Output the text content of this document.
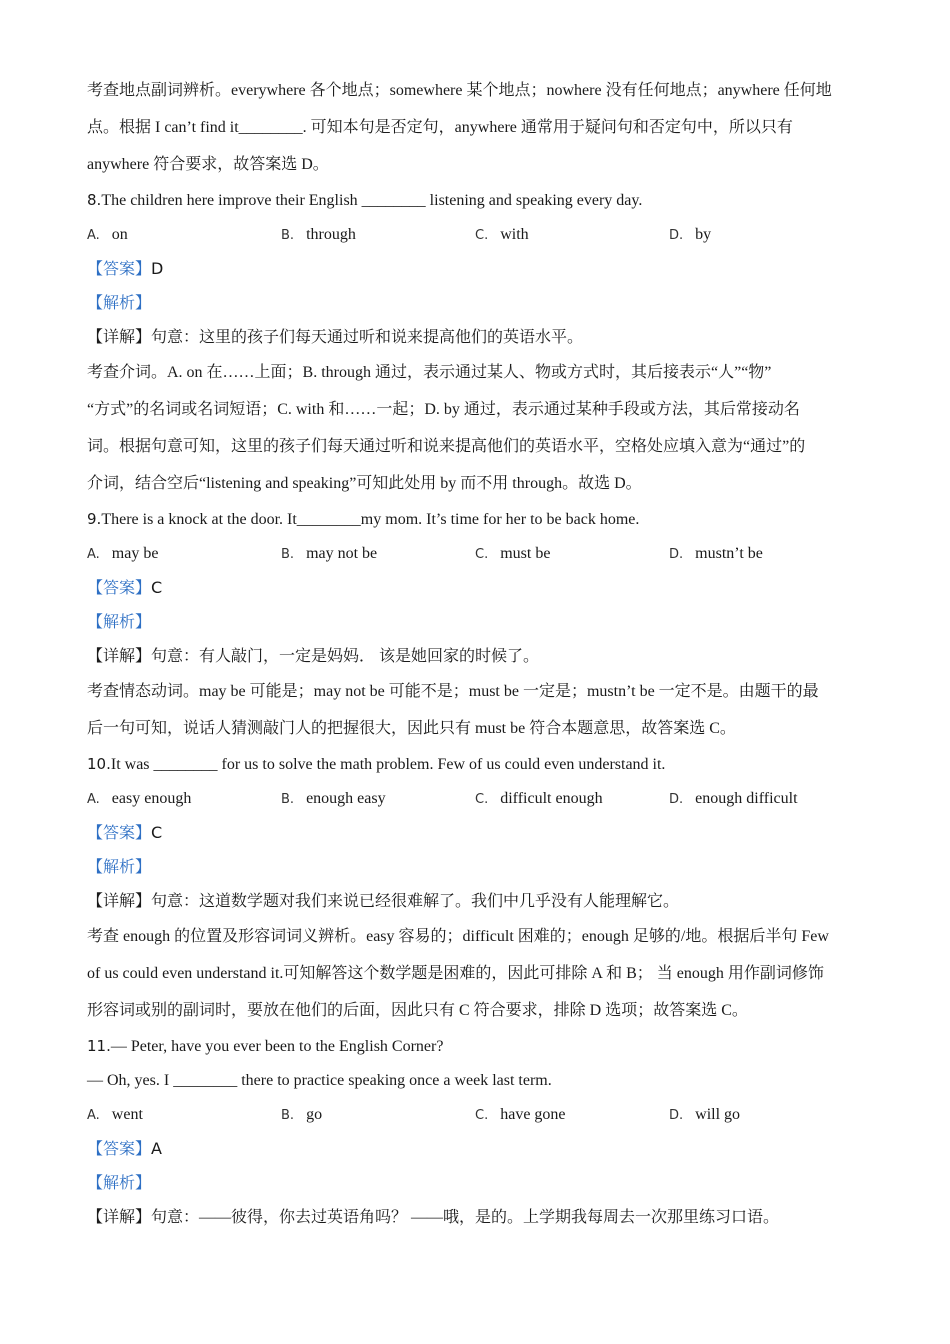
考查地点副词辨析。everywhere 各个地点；somewhere 某个地点；nowhere 没有任何地点；anywhere 任何地

点。根据 I can’t find it________. 可知本句是否定句，anywhere 通常用于疑问句和否定句中，所以只有

anywhere 符合要求，故答案选 D。

8.The children here improve their English ________ listening and speaking every day.

A. on	B. through	C. with	D. by

【答案】D

【解析】

【详解】句意：这里的孩子们每天通过听和说来提高他们的英语水平。

考查介词。A. on 在……上面；B. through 通过，表示通过某人、物或方式时，其后接表示“人”“物”

“方式”的名词或名词短语；C. with 和……一起；D. by 通过，表示通过某种手段或方法，其后常接动名

词。根据句意可知，这里的孩子们每天通过听和说来提高他们的英语水平，空格处应填入意为“通过”的

介词，结合空后“listening and speaking”可知此处用 by 而不用 through。故选 D。

9.There is a knock at the door. It________my mom. It’s time for her to be back home.

A. may be	B. may not be	C. must be	D. mustn’t be

【答案】C

【解析】

【详解】句意：有人敲门，一定是妈妈． 该是她回家的时候了。

考查情态动词。may be 可能是；may not be 可能不是；must be 一定是；mustn’t be 一定不是。由题干的最

后一句可知，说话人猜测敲门人的把握很大，因此只有 must be 符合本题意思，故答案选 C。

10.It was ________ for us to solve the math problem. Few of us could even understand it.

A. easy enough	B. enough easy	C. difficult enough	D. enough difficult

【答案】C

【解析】

【详解】句意：这道数学题对我们来说已经很难解了。我们中几乎没有人能理解它。

考查 enough 的位置及形容词词义辨析。easy 容易的；difficult 困难的；enough 足够的/地。根据后半句 Few

of us could even understand it.可知解答这个数学题是困难的，因此可排除 A 和 B； 当 enough 用作副词修饰

形容词或别的副词时，要放在他们的后面，因此只有 C 符合要求，排除 D 选项；故答案选 C。

11.— Peter, have you ever been to the English Corner?

— Oh, yes. I ________ there to practice speaking once a week last term.

A. went	B. go	C. have gone	D. will go

【答案】A

【解析】

【详解】句意：——彼得，你去过英语角吗？ ——哦，是的。上学期我每周去一次那里练习口语。
